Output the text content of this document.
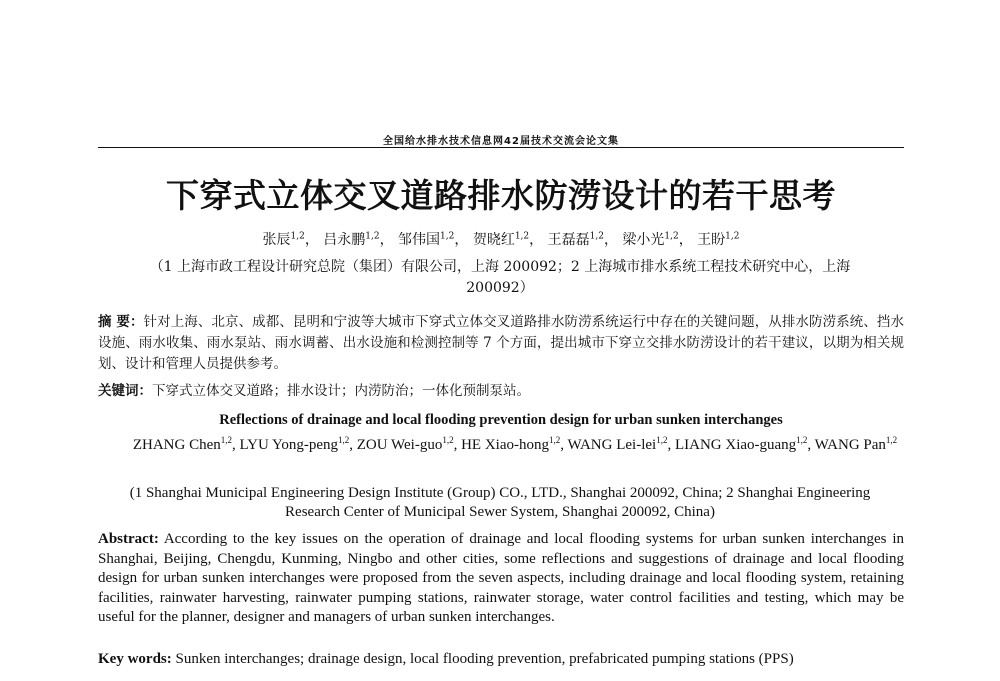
全国给水排水技术信息网42届技术交流会论文集
下穿式立体交叉道路排水防涝设计的若干思考
张辰$^{1,2}$， 吕永鹏$^{1,2}$， 邹伟国$^{1,2}$， 贺晓红$^{1,2}$， 王磊磊$^{1,2}$， 梁小光$^{1,2}$， 王盼$^{1,2}$
（1 上海市政工程设计研究总院（集团）有限公司，上海 200092；2 上海城市排水系统工程技术研究中心，上海 200092）
摘 要：针对上海、北京、成都、昆明和宁波等大城市下穿式立体交叉道路排水防涝系统运行中存在的关键问题，从排水防涝系统、挡水设施、雨水收集、雨水泵站、雨水调蓄、出水设施和检测控制等 7 个方面，提出城市下穿立交排水防涝设计的若干建议，以期为相关规划、设计和管理人员提供参考。
关键词：下穿式立体交叉道路；排水设计；内涝防治；一体化预制泵站。
Reflections of drainage and local flooding prevention design for urban sunken interchanges
ZHANG Chen$^{1,2}$, LYU Yong-peng$^{1,2}$, ZOU Wei-guo$^{1,2}$, HE Xiao-hong$^{1,2}$, WANG Lei-lei$^{1,2}$, LIANG Xiao-guang$^{1,2}$, WANG Pan$^{1,2}$
(1 Shanghai Municipal Engineering Design Institute (Group) CO., LTD., Shanghai 200092, China; 2 Shanghai Engineering Research Center of Municipal Sewer System, Shanghai 200092, China)
Abstract: According to the key issues on the operation of drainage and local flooding systems for urban sunken interchanges in Shanghai, Beijing, Chengdu, Kunming, Ningbo and other cities, some reflections and suggestions of drainage and local flooding design for urban sunken interchanges were proposed from the seven aspects, including drainage and local flooding system, retaining facilities, rainwater harvesting, rainwater pumping stations, rainwater storage, water control facilities and testing, which may be useful for the planner, designer and managers of urban sunken interchanges.
Key words: Sunken interchanges; drainage design, local flooding prevention, prefabricated pumping stations (PPS)
